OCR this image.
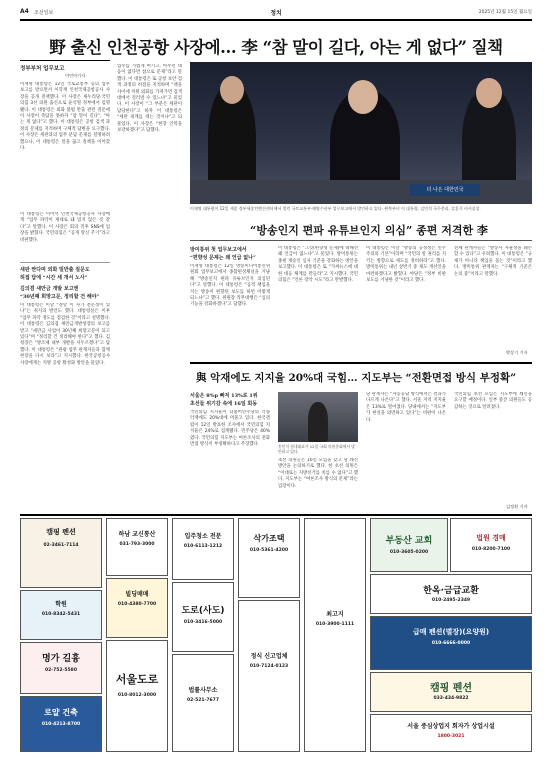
A4 조선일보	정치	2025년 12월 15일 월요일
野 출신 인천공항 사장에… 李 “참 말이 길다, 아는 게 없다” 질책
정부부처 업무보고
이민아기자
이재명 대통령은 12일 국토교통부 등의 업무 보고를 받으면서 이학재 인천국제공항공사 사장을 공개 질책했다. 이 사장은 새누리당·국민의힘 3선 의원 출신으로 윤석열 정부에서 임명됐다. 이 대통령은 외화 불법 반출 관련 질문에 이 사장이 즉답을 못하자 “참 말이 길다”, “아는 게 없다”고 했다. 이 대통령은 공항 검색 과정의 문제를 지적하며 구체적 답변을 요구했다. 이 사장은 세관과의 업무 분담 문제를 설명하려 했으나, 이 대통령은 말을 끊고 질책을 이어갔다.
이 대통령은 이어서 인천국제공항공사 사장에게 “업무 파악이 제대로 돼 있지 않은 것 같다”고 말했다. 이 사장은 회의 직후 SNS에 입장을 밝혔다. 국민의힘은 “공개 망신 주기”라고 비판했다.
새판 짠다며 외화 밀반출 질문도
허접 답에 “시간 세 개서 노사”
김의겸 새만금 개발 보고엔
“30년째 희망고문, 정리할 건 해야”
이 대통령은 이날 “정말 이 자가 전문성이 있나”는 취지의 발언도 했다. 대통령실은 이후 “업무 파악 정도를 점검한 것”이라고 설명했다. 이 대통령은 김의겸 새만금개발청장의 보고를 받고 “새만금 사업이 30년째 희망고문이 되고 있다”며 “정리할 건 정리해야 한다”고 했다. 김 청장은 “방조제 내부 개발을 서두르겠다”고 답했다. 이 대통령은 “관광 업무 관계자들과 함께 현장을 다시 보라”고 지시했다. 한국공항공사 사장에게는 지방 공항 활성화 방안을 물었다.
업무를 가볍게 여기고, 아무런 대응이 없다면 참으로 문제”라고 말했다. 이 대통령은 또 공항 보안 검색 과정의 허점을 지적하며 “책을 사이에 끼워 외화를 가져가면 검색대에서 걸러낼 수 있느냐”고 물었다. 이 사장이 “그 부분은 세관이 담당한다”고 하자 이 대통령은 “세관 핑계를 대는 것이냐”고 되물었다. 이 사장은 “현장 인력을 보강하겠다”고 답했다.
더 나은 대한민국
이재명 대통령이 12일 세종 정부세종컨벤션센터에서 열린 국토교통부·해양수산부 업무보고에서 발언하고 있다. 왼쪽부터 이 대통령, 김민석 국무총리, 강훈식 비서실장.
“방송인지 편파 유튜브인지 의심” 종편 저격한 李
방미통위 첫 업무보고에서
“편향성 문제는 왜 언급 없나”
이재명 대통령은 12일 방송미디어통신위원회 업무보고에서 종합편성채널을 겨냥해 “방송인지 편파 유튜브인지 의심된다”고 말했다. 이 대통령은 “공적 책임을 지는 방송이 편향된 보도를 하면 어떻게 되느냐”고 했다. 위원장 직무대행은 “심의 기능을 강화하겠다”고 답했다.
이 대통령은 “그것(편향성 문제)에 대해선 왜 언급이 없느냐”고 물었다. 방미통위는 종편 재승인 심사 기준을 강화하는 방안을 보고했다. 이 대통령은 또 “가짜뉴스에 대한 대응 체계를 만들라”고 지시했다. 국민의힘은 “언론 장악 시도”라고 반발했다.
이 대통령은 이날 “방송의 공정성은 민주주의의 기본”이라며 “국민의 알 권리를 지키는 방향으로 제도를 정비하라”고 했다. 방미통위는 내년 상반기 중 제도 개선안을 마련하겠다고 밝혔다. 야당은 “정부 비판 보도를 겨냥한 것”이라고 했다.
전체 관계자들은 “방송사 자율성을 훼손할 수 있다”고 우려했다. 이 대통령은 “규제가 아니라 책임을 묻는 것”이라고 했다. 방미통위 관계자는 “구체적 기준은 논의 중”이라고 말했다.
박상기 기자
與 악재에도 지지율 20%대 국힘… 지도부는 “전환면접 방식 부정확”
서울은 8%p 빠져 13%로 1위
초선들 위기감 속에 16일 회동
국민의힘 지지율이 더불어민주당의 각종 악재에도 20%대에 머물고 있다. 한국갤럽이 12일 발표한 조사에서 국민의힘 지지율은 24%로 집계됐다. 민주당은 40%였다. 국민의힘 지도부는 여론조사의 전화면접 방식이 부정확하다고 주장했다.	송언석 원내대표가 12일 국회 의원총회에서 발언하고 있다.
초선 의원들은 16일 모임을 갖고 당 쇄신 방안을 논의하기로 했다. 한 초선 의원은 “이대로는 지방선거를 치를 수 없다”고 했다. 지도부는 “여론조사 방식의 문제”라는 입장이다.
당 관계자는 “자동응답 방식에서는 결과가 다르게 나온다”고 했다. 서울 지역 지지율은 13%로 떨어졌다. 당내에서는 “지도부가 현실을 외면하고 있다”는 비판이 나온다.
국민의힘 초선 모임은 지도부에 쇄신을 요구할 예정이다. 일부 중진 의원들도 공감하는 것으로 알려졌다.
김정환 기자
캠핑 펜션
02-3461-7114
학원
010-8342-5431
명가 길흉
02-752-5580
로얄 건축
010-4213-8700
하남 교신통산
031-793-3000
빌딩매매
010-4380-7700
서울도로
010-8012-3000
입주청소 전문
010-6113-1212
도로(사도)
010-3416-5000
법률사무소
02-521-7677
삭가조택
010-5361-4200
정식 신고업체
010-7124-0123
최고지
010-3900-1111
부동산 교회
010-3605-0200
법원 경매
010-8200-7100
한옥·금급교환
010-2495-2349
급매 펜션(별장)(요양원)
010-6666-0000
캠핑 펜션
033-434-9822
서울 중심상업지 회자가 상업시설
1800-3021
